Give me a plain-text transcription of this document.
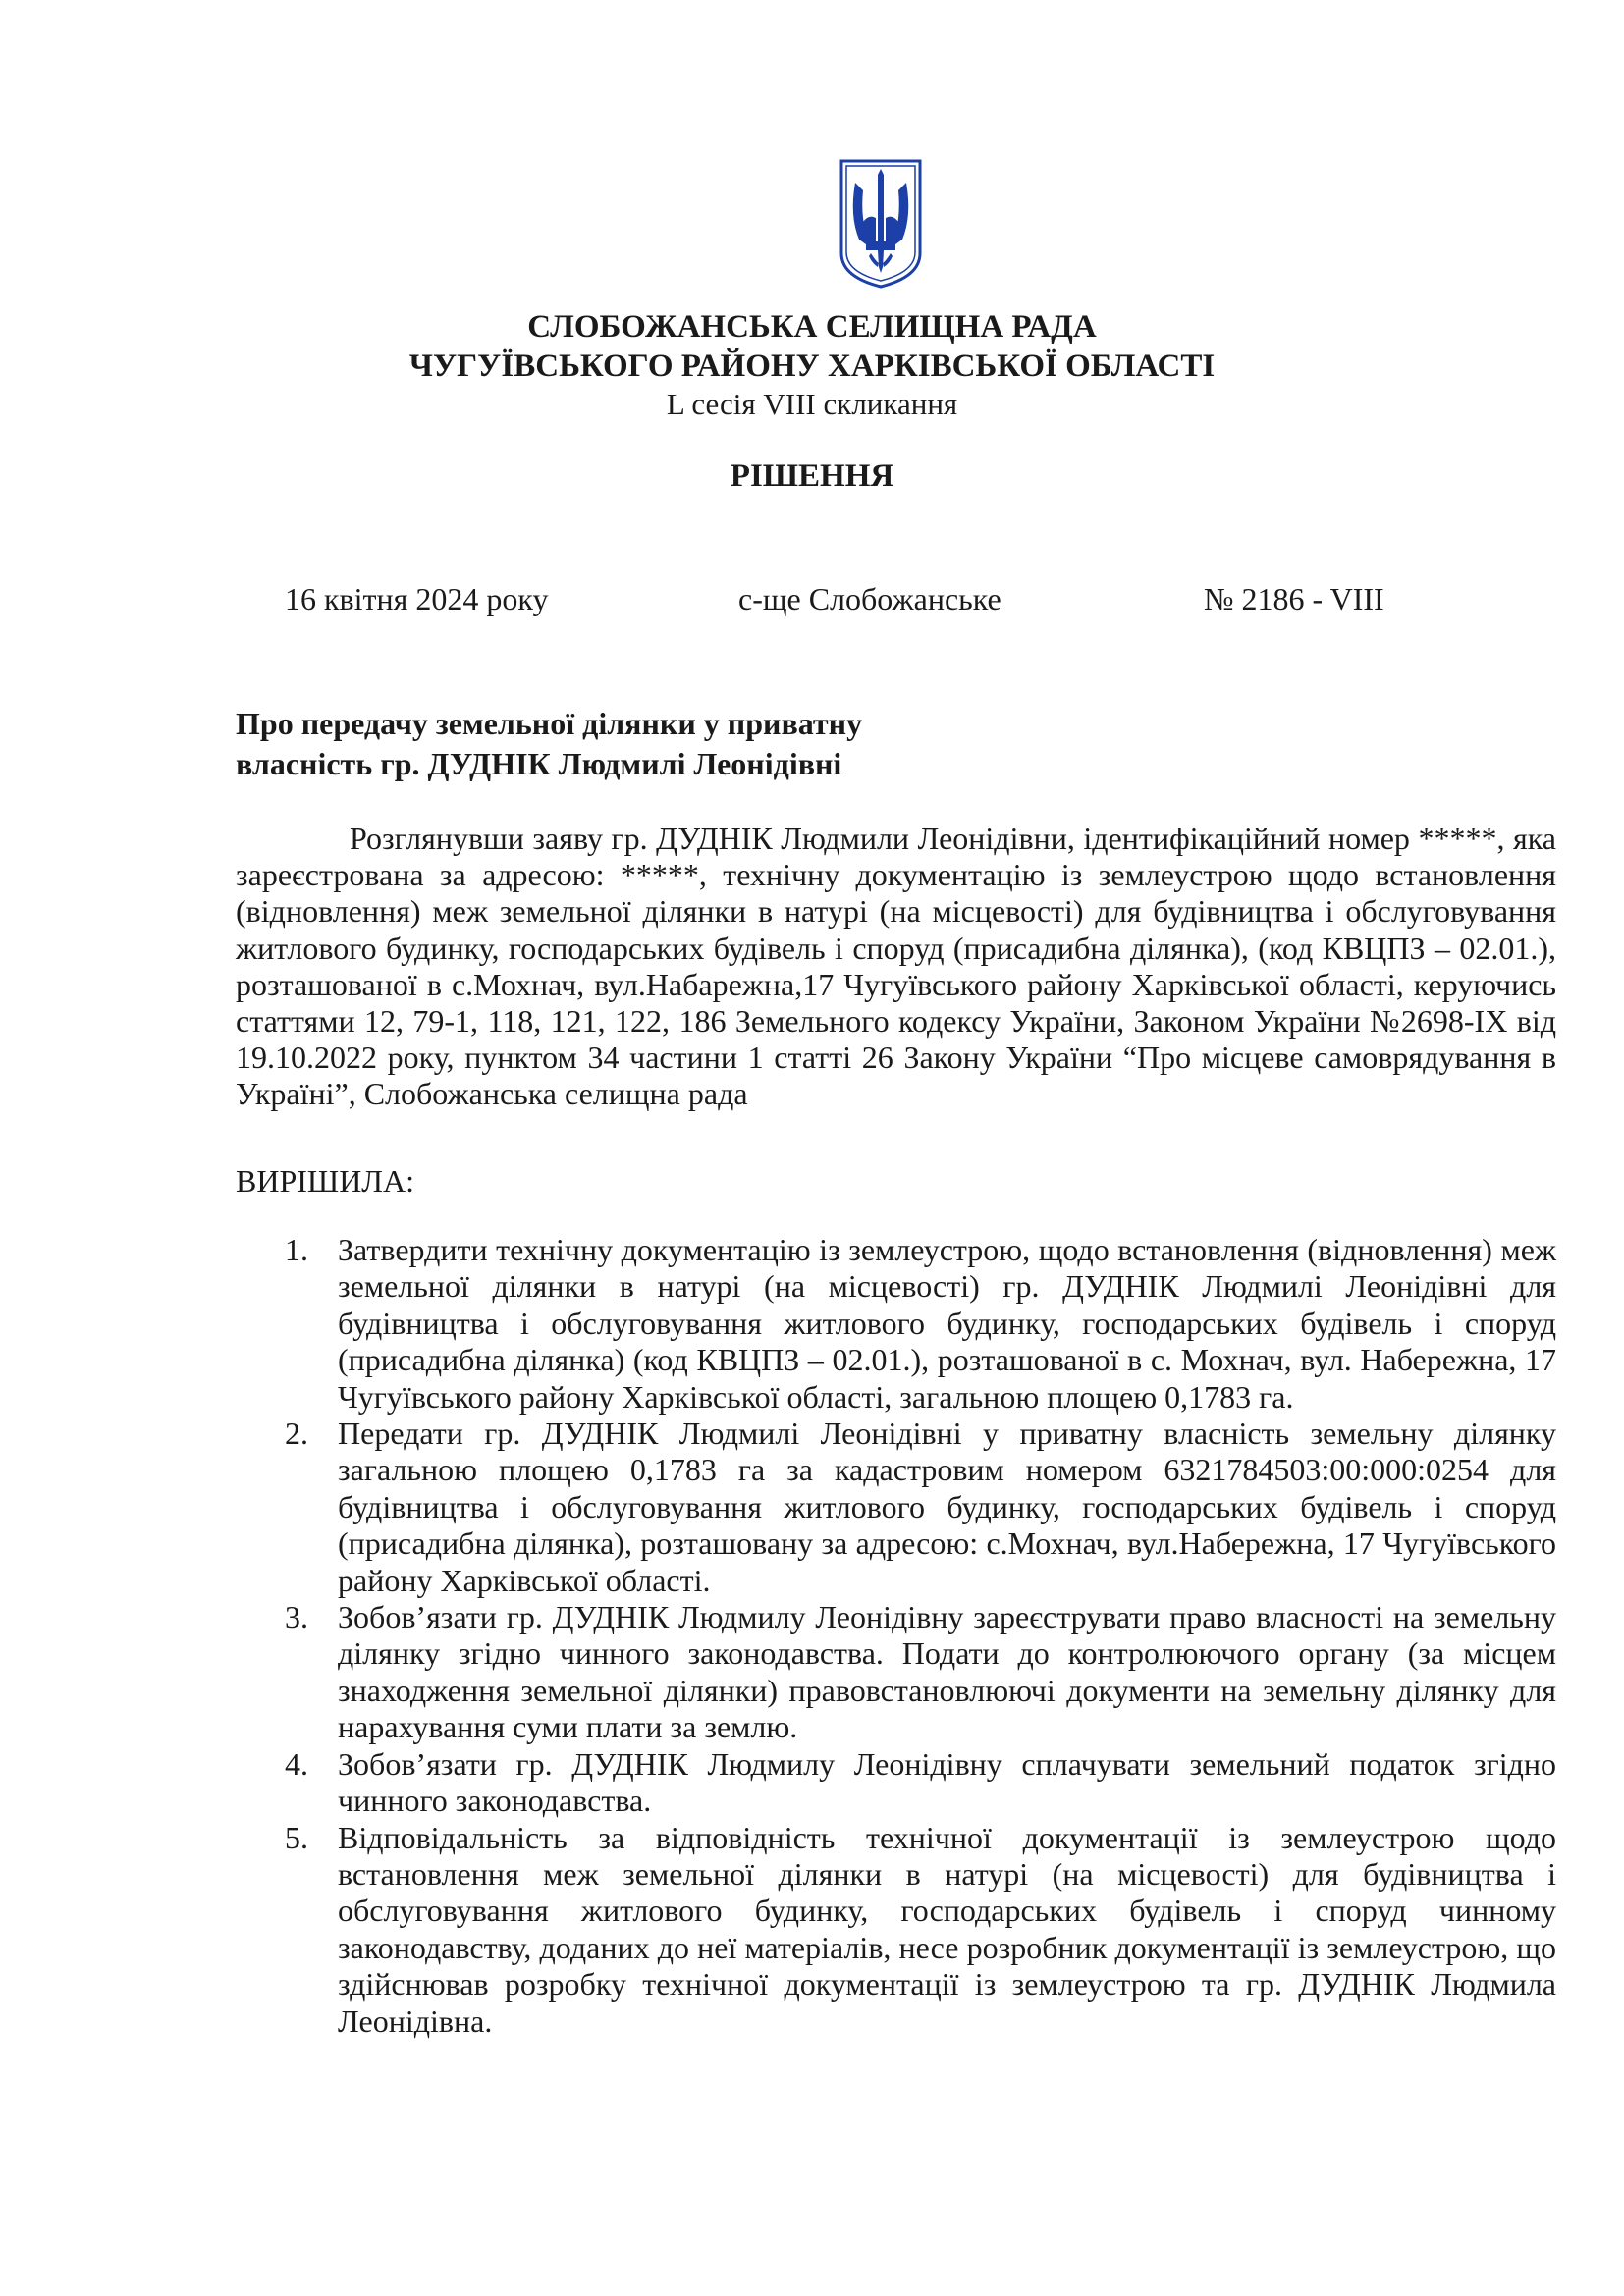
СЛОБОЖАНСЬКА СЕЛИЩНА РАДА
ЧУГУЇВСЬКОГО РАЙОНУ ХАРКІВСЬКОЇ ОБЛАСТІ
L сесія VIII скликання
РІШЕННЯ
16 квітня 2024 року	с-ще Слобожанське	№ 2186 - VIII
Про передачу земельної ділянки у приватну
власність гр. ДУДНІК Людмилі Леонідівні
Розглянувши заяву гр. ДУДНІК Людмили Леонідівни, ідентифікаційний номер *****, яка зареєстрована за адресою: *****, технічну документацію із землеустрою щодо встановлення (відновлення) меж земельної ділянки в натурі (на місцевості) для будівництва і обслуговування житлового будинку, господарських будівель і споруд (присадибна ділянка), (код КВЦПЗ – 02.01.), розташованої в с.Мохнач, вул.Набарежна,17 Чугуївського району Харківської області, керуючись статтями 12, 79-1, 118, 121, 122, 186 Земельного кодексу України, Законом України №2698-IX від 19.10.2022 року, пунктом 34 частини 1 статті 26 Закону України “Про місцеве самоврядування в Україні”, Слобожанська селищна рада
ВИРІШИЛА:
1. Затвердити технічну документацію із землеустрою, щодо встановлення (відновлення) меж земельної ділянки в натурі (на місцевості) гр. ДУДНІК Людмилі Леонідівні для будівництва і обслуговування житлового будинку, господарських будівель і споруд (присадибна ділянка) (код КВЦПЗ – 02.01.), розташованої в с. Мохнач, вул. Набережна, 17 Чугуївського району Харківської області, загальною площею 0,1783 га.
2. Передати гр. ДУДНІК Людмилі Леонідівні у приватну власність земельну ділянку загальною площею 0,1783 га за кадастровим номером 6321784503:00:000:0254 для будівництва і обслуговування житлового будинку, господарських будівель і споруд (присадибна ділянка), розташовану за адресою: с.Мохнач, вул.Набережна, 17 Чугуївського району Харківської області.
3. Зобов’язати гр. ДУДНІК Людмилу Леонідівну зареєструвати право власності на земельну ділянку згідно чинного законодавства. Подати до контролюючого органу (за місцем знаходження земельної ділянки) правовстановлюючі документи на земельну ділянку для нарахування суми плати за землю.
4. Зобов’язати гр. ДУДНІК Людмилу Леонідівну сплачувати земельний податок згідно чинного законодавства.
5. Відповідальність за відповідність технічної документації із землеустрою щодо встановлення меж земельної ділянки в натурі (на місцевості) для будівництва і обслуговування житлового будинку, господарських будівель і споруд чинному законодавству, доданих до неї матеріалів, несе розробник документації із землеустрою, що здійснював розробку технічної документації із землеустрою та гр. ДУДНІК Людмила Леонідівна.
